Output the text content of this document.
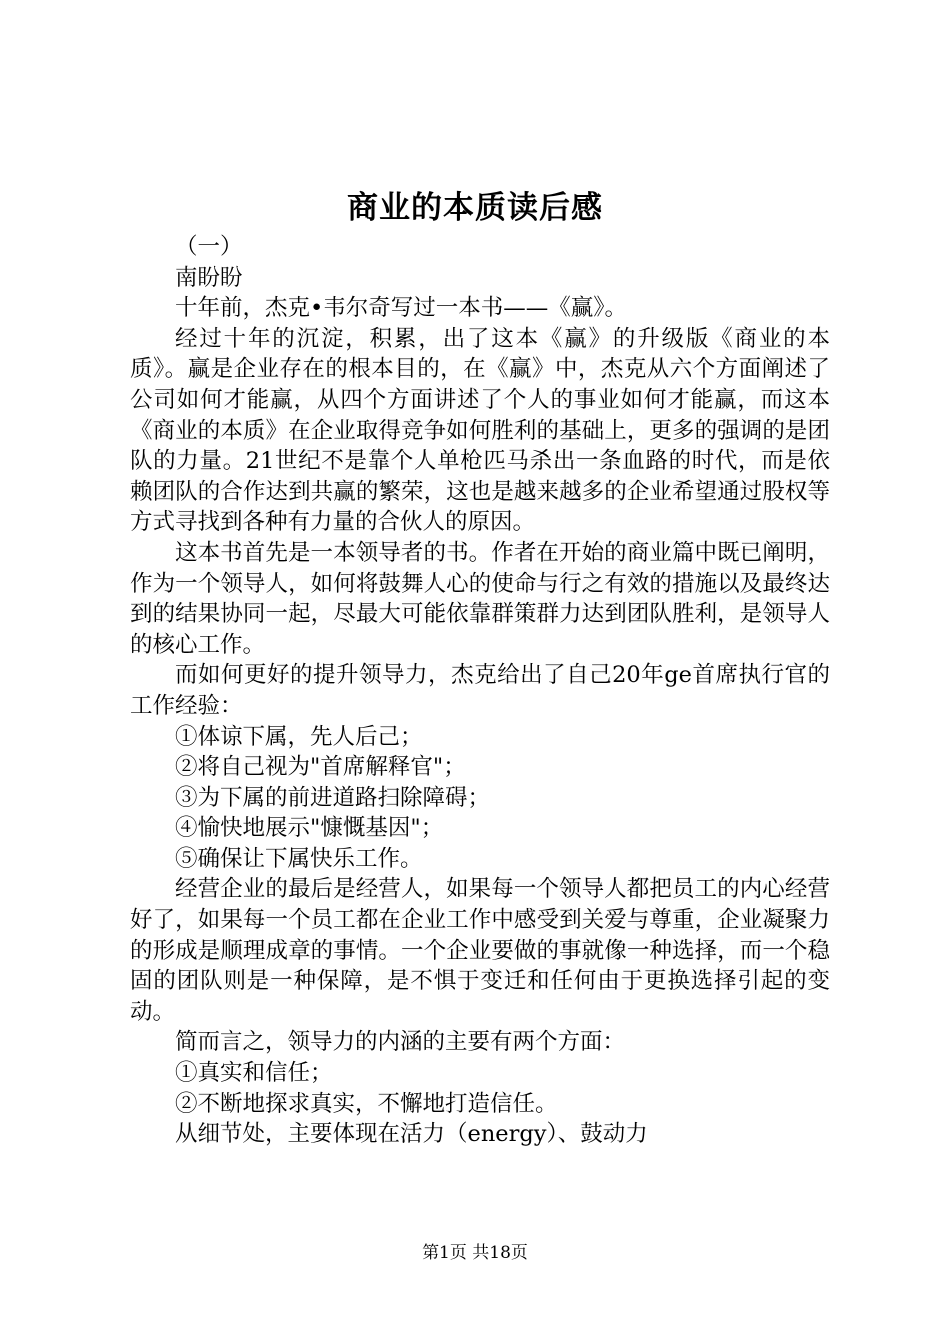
商业的本质读后感

（一）

南盼盼

十年前，杰克•韦尔奇写过一本书——《赢》。

经过十年的沉淀，积累，出了这本《赢》的升级版《商业的本质》。赢是企业存在的根本目的，在《赢》中，杰克从六个方面阐述了公司如何才能赢，从四个方面讲述了个人的事业如何才能赢，而这本《商业的本质》在企业取得竞争如何胜利的基础上，更多的强调的是团队的力量。21世纪不是靠个人单枪匹马杀出一条血路的时代，而是依赖团队的合作达到共赢的繁荣，这也是越来越多的企业希望通过股权等方式寻找到各种有力量的合伙人的原因。

这本书首先是一本领导者的书。作者在开始的商业篇中既已阐明，作为一个领导人，如何将鼓舞人心的使命与行之有效的措施以及最终达到的结果协同一起，尽最大可能依靠群策群力达到团队胜利，是领导人的核心工作。

而如何更好的提升领导力，杰克给出了自己20年ge首席执行官的工作经验：

①体谅下属，先人后己；

②将自己视为"首席解释官"；

③为下属的前进道路扫除障碍；

④愉快地展示"慷慨基因"；

⑤确保让下属快乐工作。

经营企业的最后是经营人，如果每一个领导人都把员工的内心经营好了，如果每一个员工都在企业工作中感受到关爱与尊重，企业凝聚力的形成是顺理成章的事情。一个企业要做的事就像一种选择，而一个稳固的团队则是一种保障，是不惧于变迁和任何由于更换选择引起的变动。

简而言之，领导力的内涵的主要有两个方面：

①真实和信任；

②不断地探求真实，不懈地打造信任。

从细节处，主要体现在活力（energy）、鼓动力

第1页 共18页
